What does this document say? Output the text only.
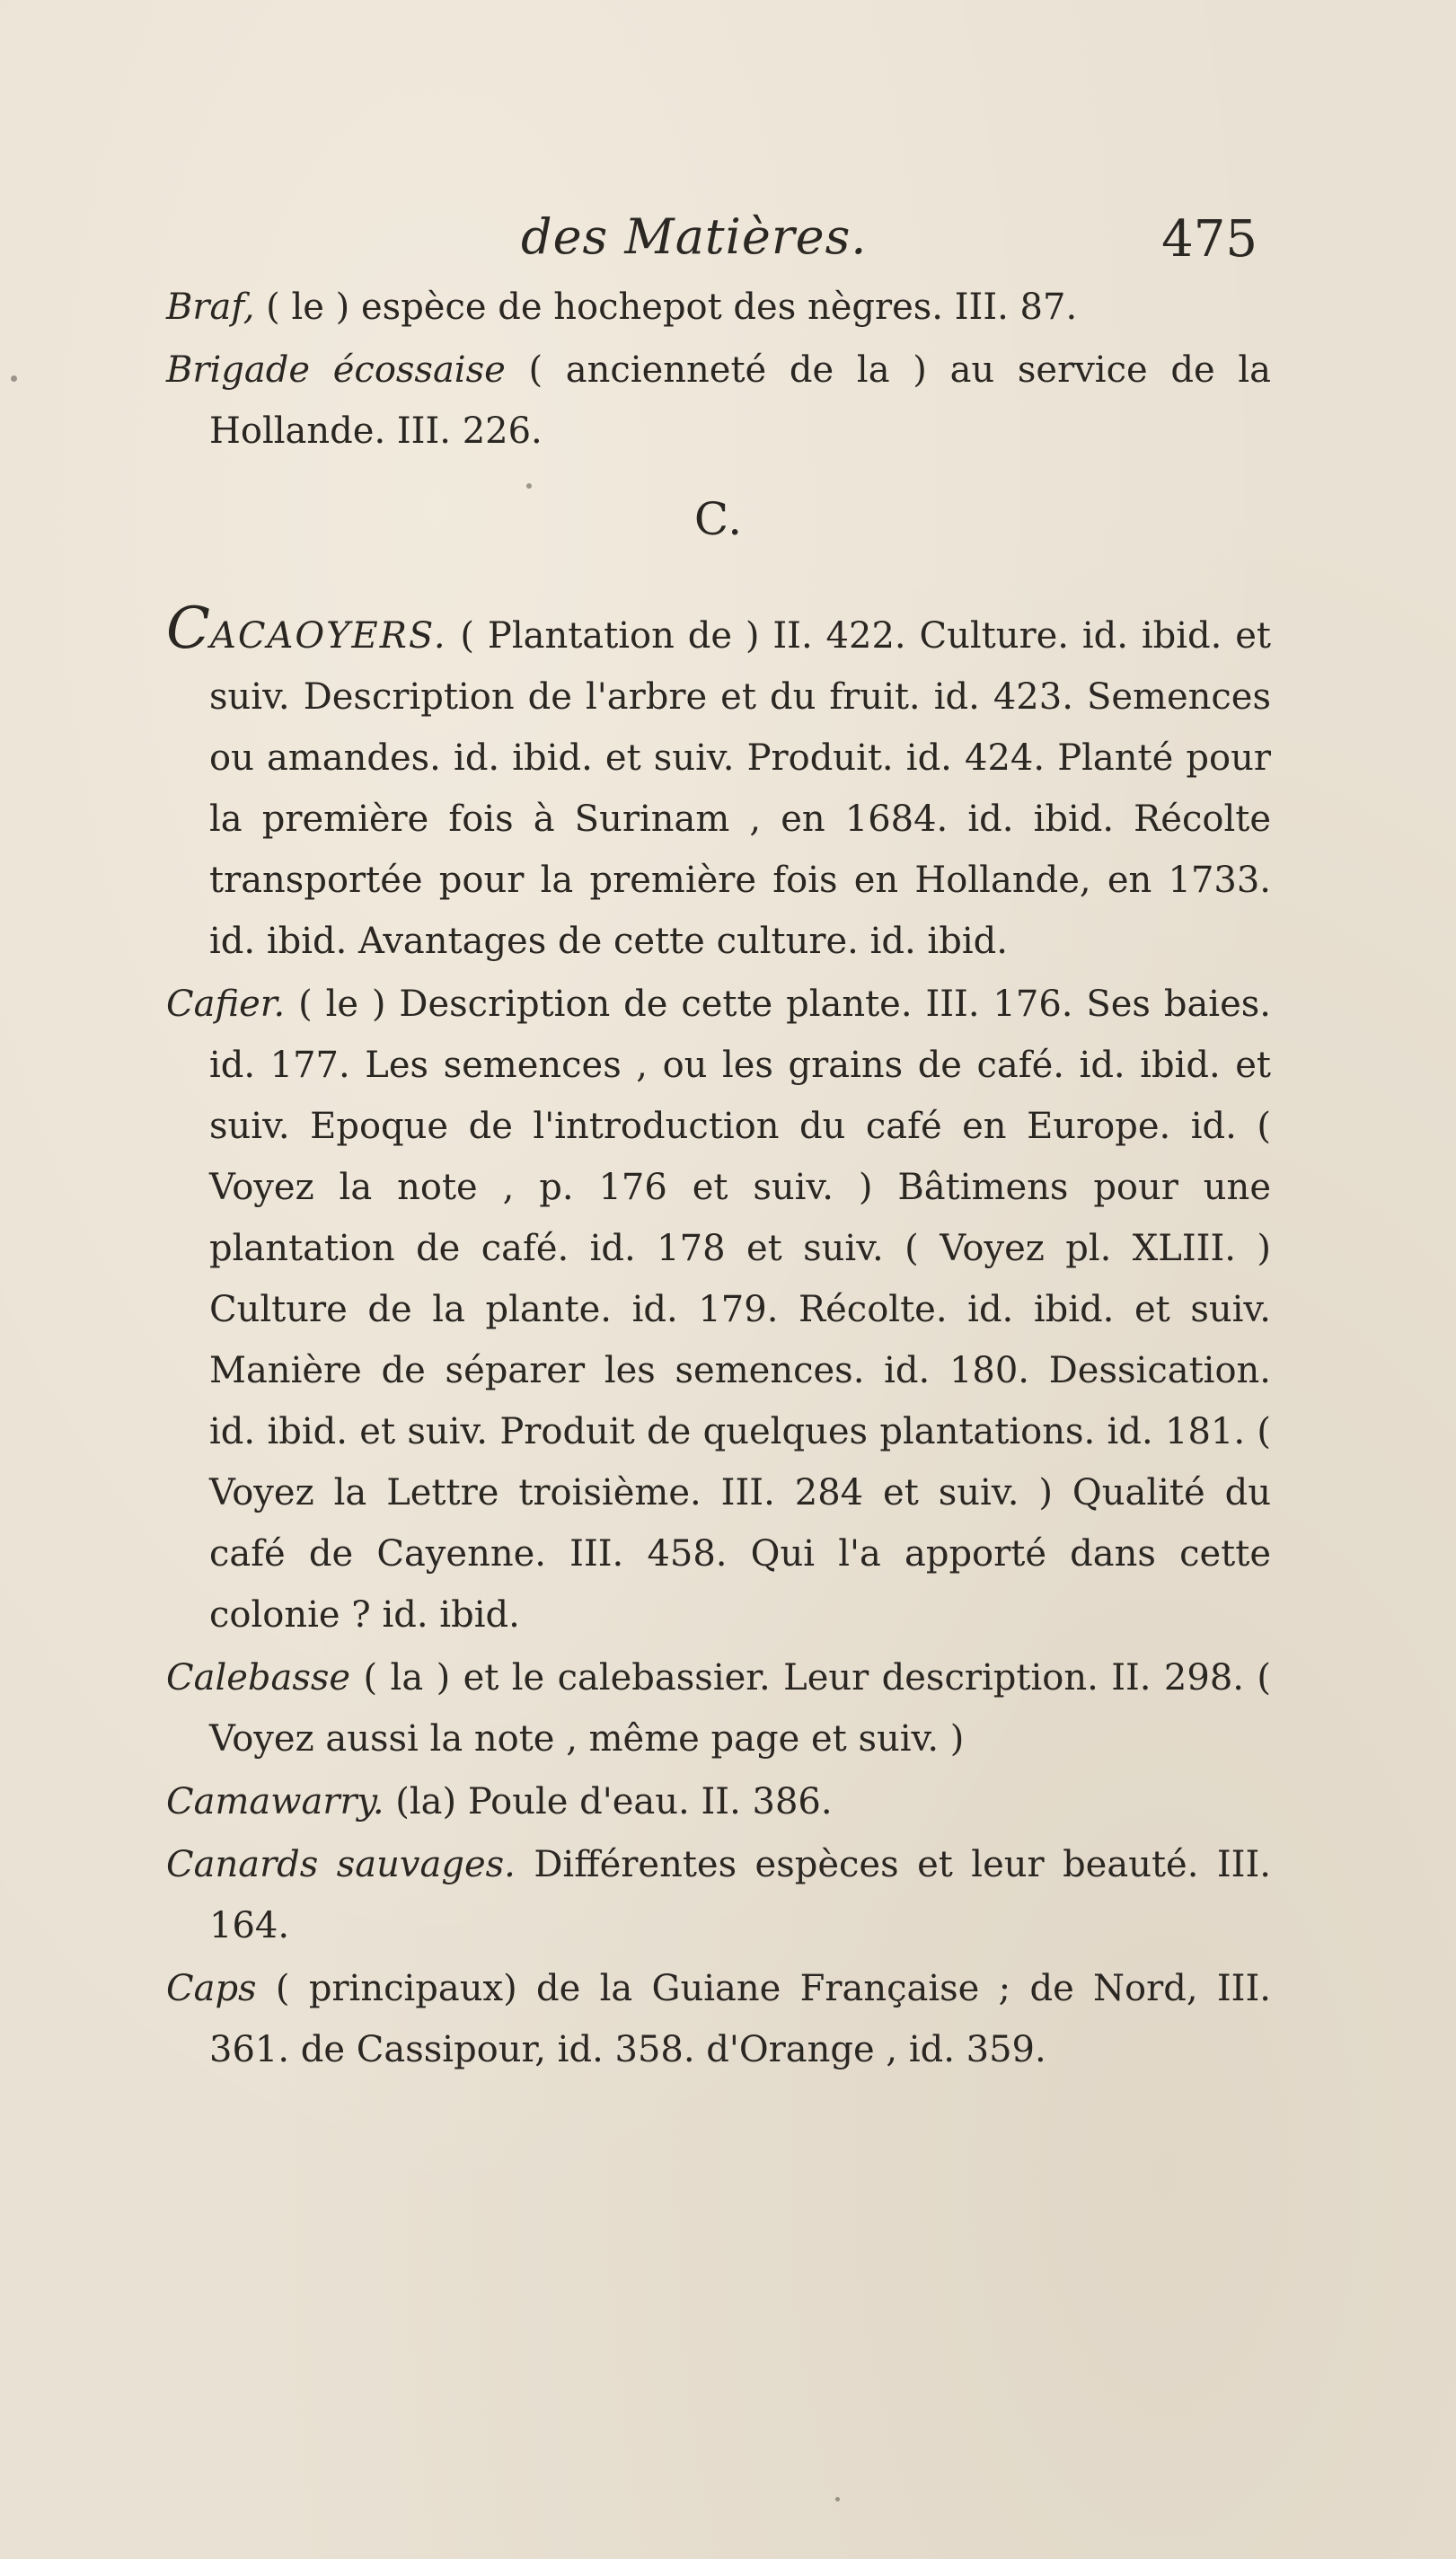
des Matières.	475

Braf, ( le ) espèce de hochepot des nègres. III. 87.

Brigade écossaise ( ancienneté de la ) au service de la Hollande. III. 226.

C.

CACAOYERS. ( Plantation de ) II. 422. Culture. id. ibid. et suiv. Description de l'arbre et du fruit. id. 423. Semences ou amandes. id. ibid. et suiv. Produit. id. 424. Planté pour la première fois à Surinam , en 1684. id. ibid. Récolte transportée pour la première fois en Hollande, en 1733. id. ibid. Avantages de cette culture. id. ibid.

Cafier. ( le ) Description de cette plante. III. 176. Ses baies. id. 177. Les semences , ou les grains de café. id. ibid. et suiv. Epoque de l'introduction du café en Europe. id. ( Voyez la note , p. 176 et suiv. ) Bâtimens pour une plantation de café. id. 178 et suiv. ( Voyez pl. XLIII. ) Culture de la plante. id. 179. Récolte. id. ibid. et suiv. Manière de séparer les semences. id. 180. Dessication. id. ibid. et suiv. Produit de quelques plantations. id. 181. ( Voyez la Lettre troisième. III. 284 et suiv. ) Qualité du café de Cayenne. III. 458. Qui l'a apporté dans cette colonie ? id. ibid.

Calebasse ( la ) et le calebassier. Leur description. II. 298. ( Voyez aussi la note , même page et suiv. )

Camawarry. (la) Poule d'eau. II. 386.

Canards sauvages. Différentes espèces et leur beauté. III. 164.

Caps ( principaux) de la Guiane Française ; de Nord, III. 361. de Cassipour, id. 358. d'Orange , id. 359.
